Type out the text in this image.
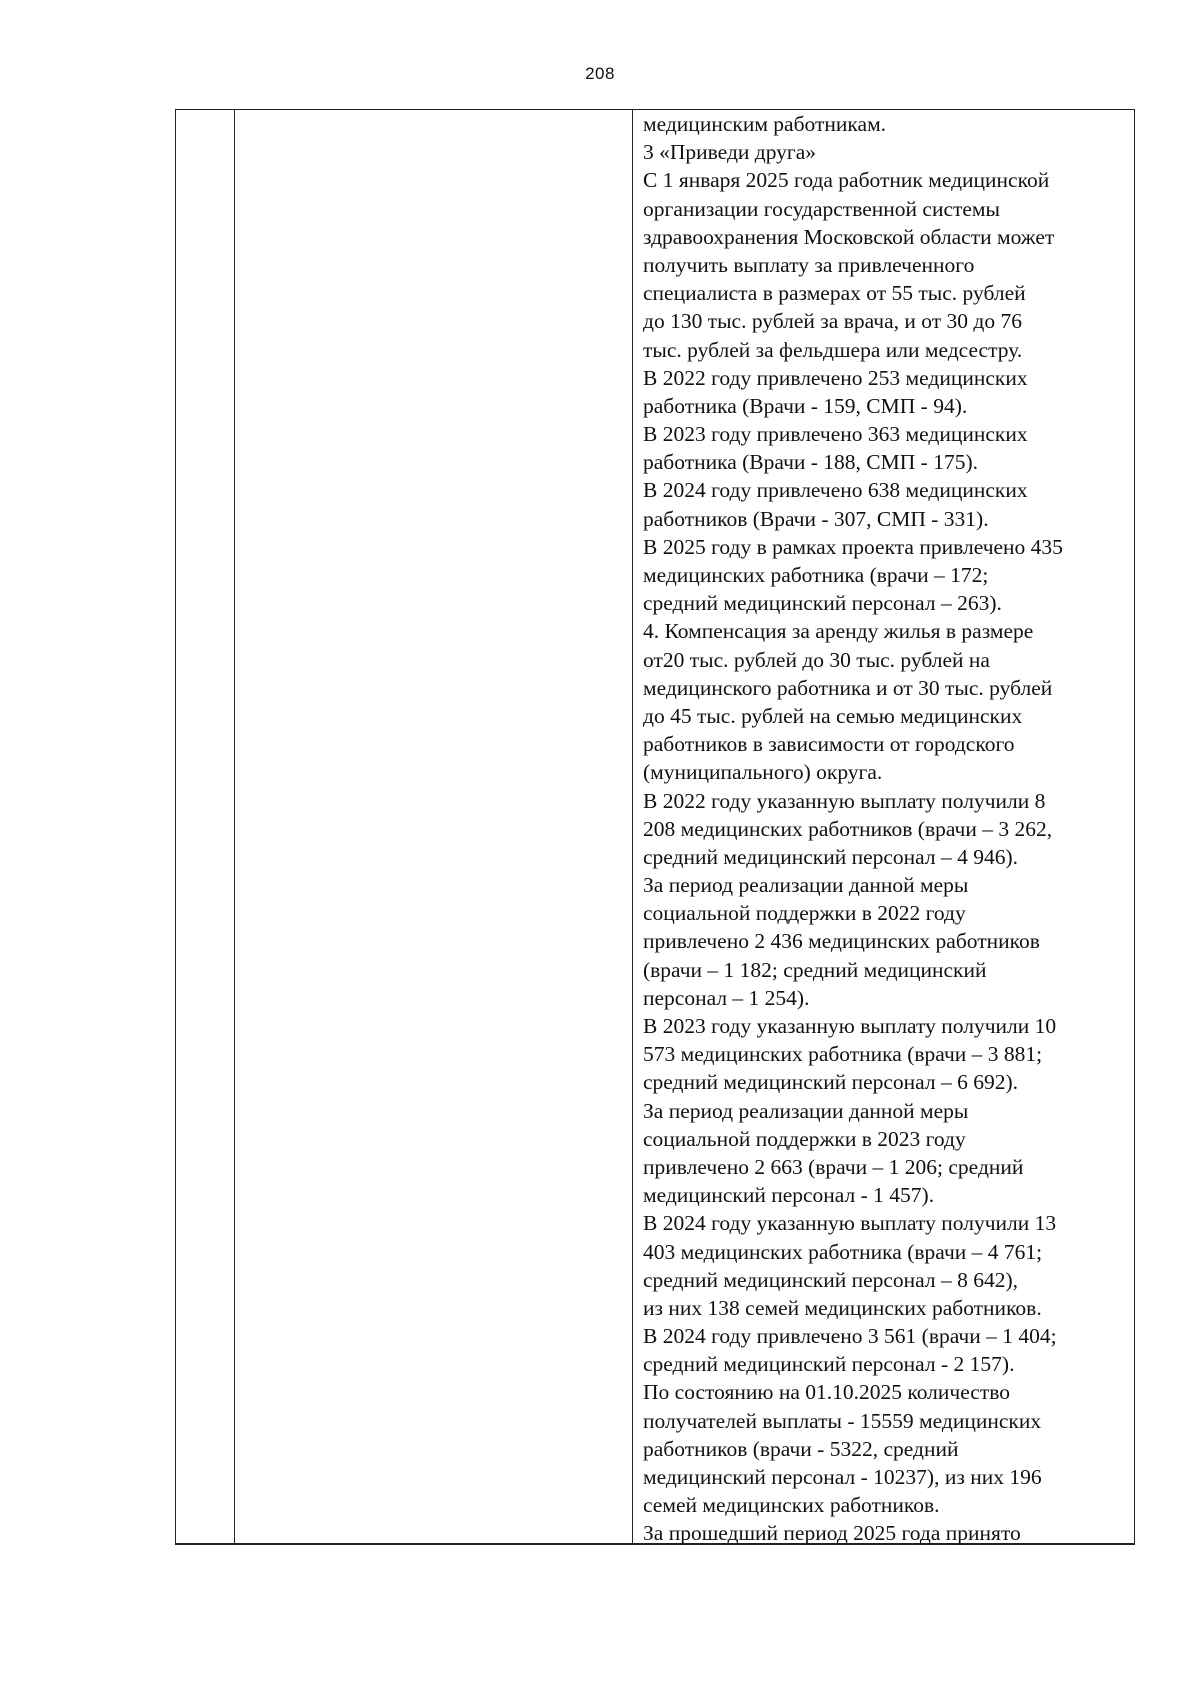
208
медицинским работникам.
3 «Приведи друга»
С 1 января 2025 года работник медицинской
организации государственной системы
здравоохранения Московской области может
получить выплату за привлеченного
специалиста в размерах от 55 тыс. рублей
до 130 тыс. рублей за врача, и от 30 до 76
тыс. рублей за фельдшера или медсестру.
В 2022 году привлечено 253 медицинских
работника (Врачи - 159, СМП - 94).
В 2023 году привлечено 363 медицинских
работника (Врачи - 188, СМП - 175).
В 2024 году привлечено 638 медицинских
работников (Врачи - 307, СМП - 331).
В 2025 году в рамках проекта привлечено 435
медицинских работника (врачи – 172;
средний медицинский персонал – 263).
4. Компенсация за аренду жилья в размере
от20 тыс. рублей до 30 тыс. рублей на
медицинского работника и от 30 тыс. рублей
до 45 тыс. рублей на семью медицинских
работников в зависимости от городского
(муниципального) округа.
В 2022 году указанную выплату получили 8
208 медицинских работников (врачи – 3 262,
средний медицинский персонал – 4 946).
За период реализации данной меры
социальной поддержки в 2022 году
привлечено 2 436 медицинских работников
(врачи – 1 182; средний медицинский
персонал – 1 254).
В 2023 году указанную выплату получили 10
573 медицинских работника (врачи – 3 881;
средний медицинский персонал – 6 692).
За период реализации данной меры
социальной поддержки в 2023 году
привлечено 2 663 (врачи – 1 206; средний
медицинский персонал - 1 457).
В 2024 году указанную выплату получили 13
403 медицинских работника (врачи – 4 761;
средний медицинский персонал – 8 642),
из них 138 семей медицинских работников.
В 2024 году привлечено 3 561 (врачи – 1 404;
средний медицинский персонал - 2 157).
По состоянию на 01.10.2025 количество
получателей выплаты - 15559 медицинских
работников (врачи - 5322, средний
медицинский персонал - 10237), из них 196
семей медицинских работников.
За прошедший период 2025 года принято
